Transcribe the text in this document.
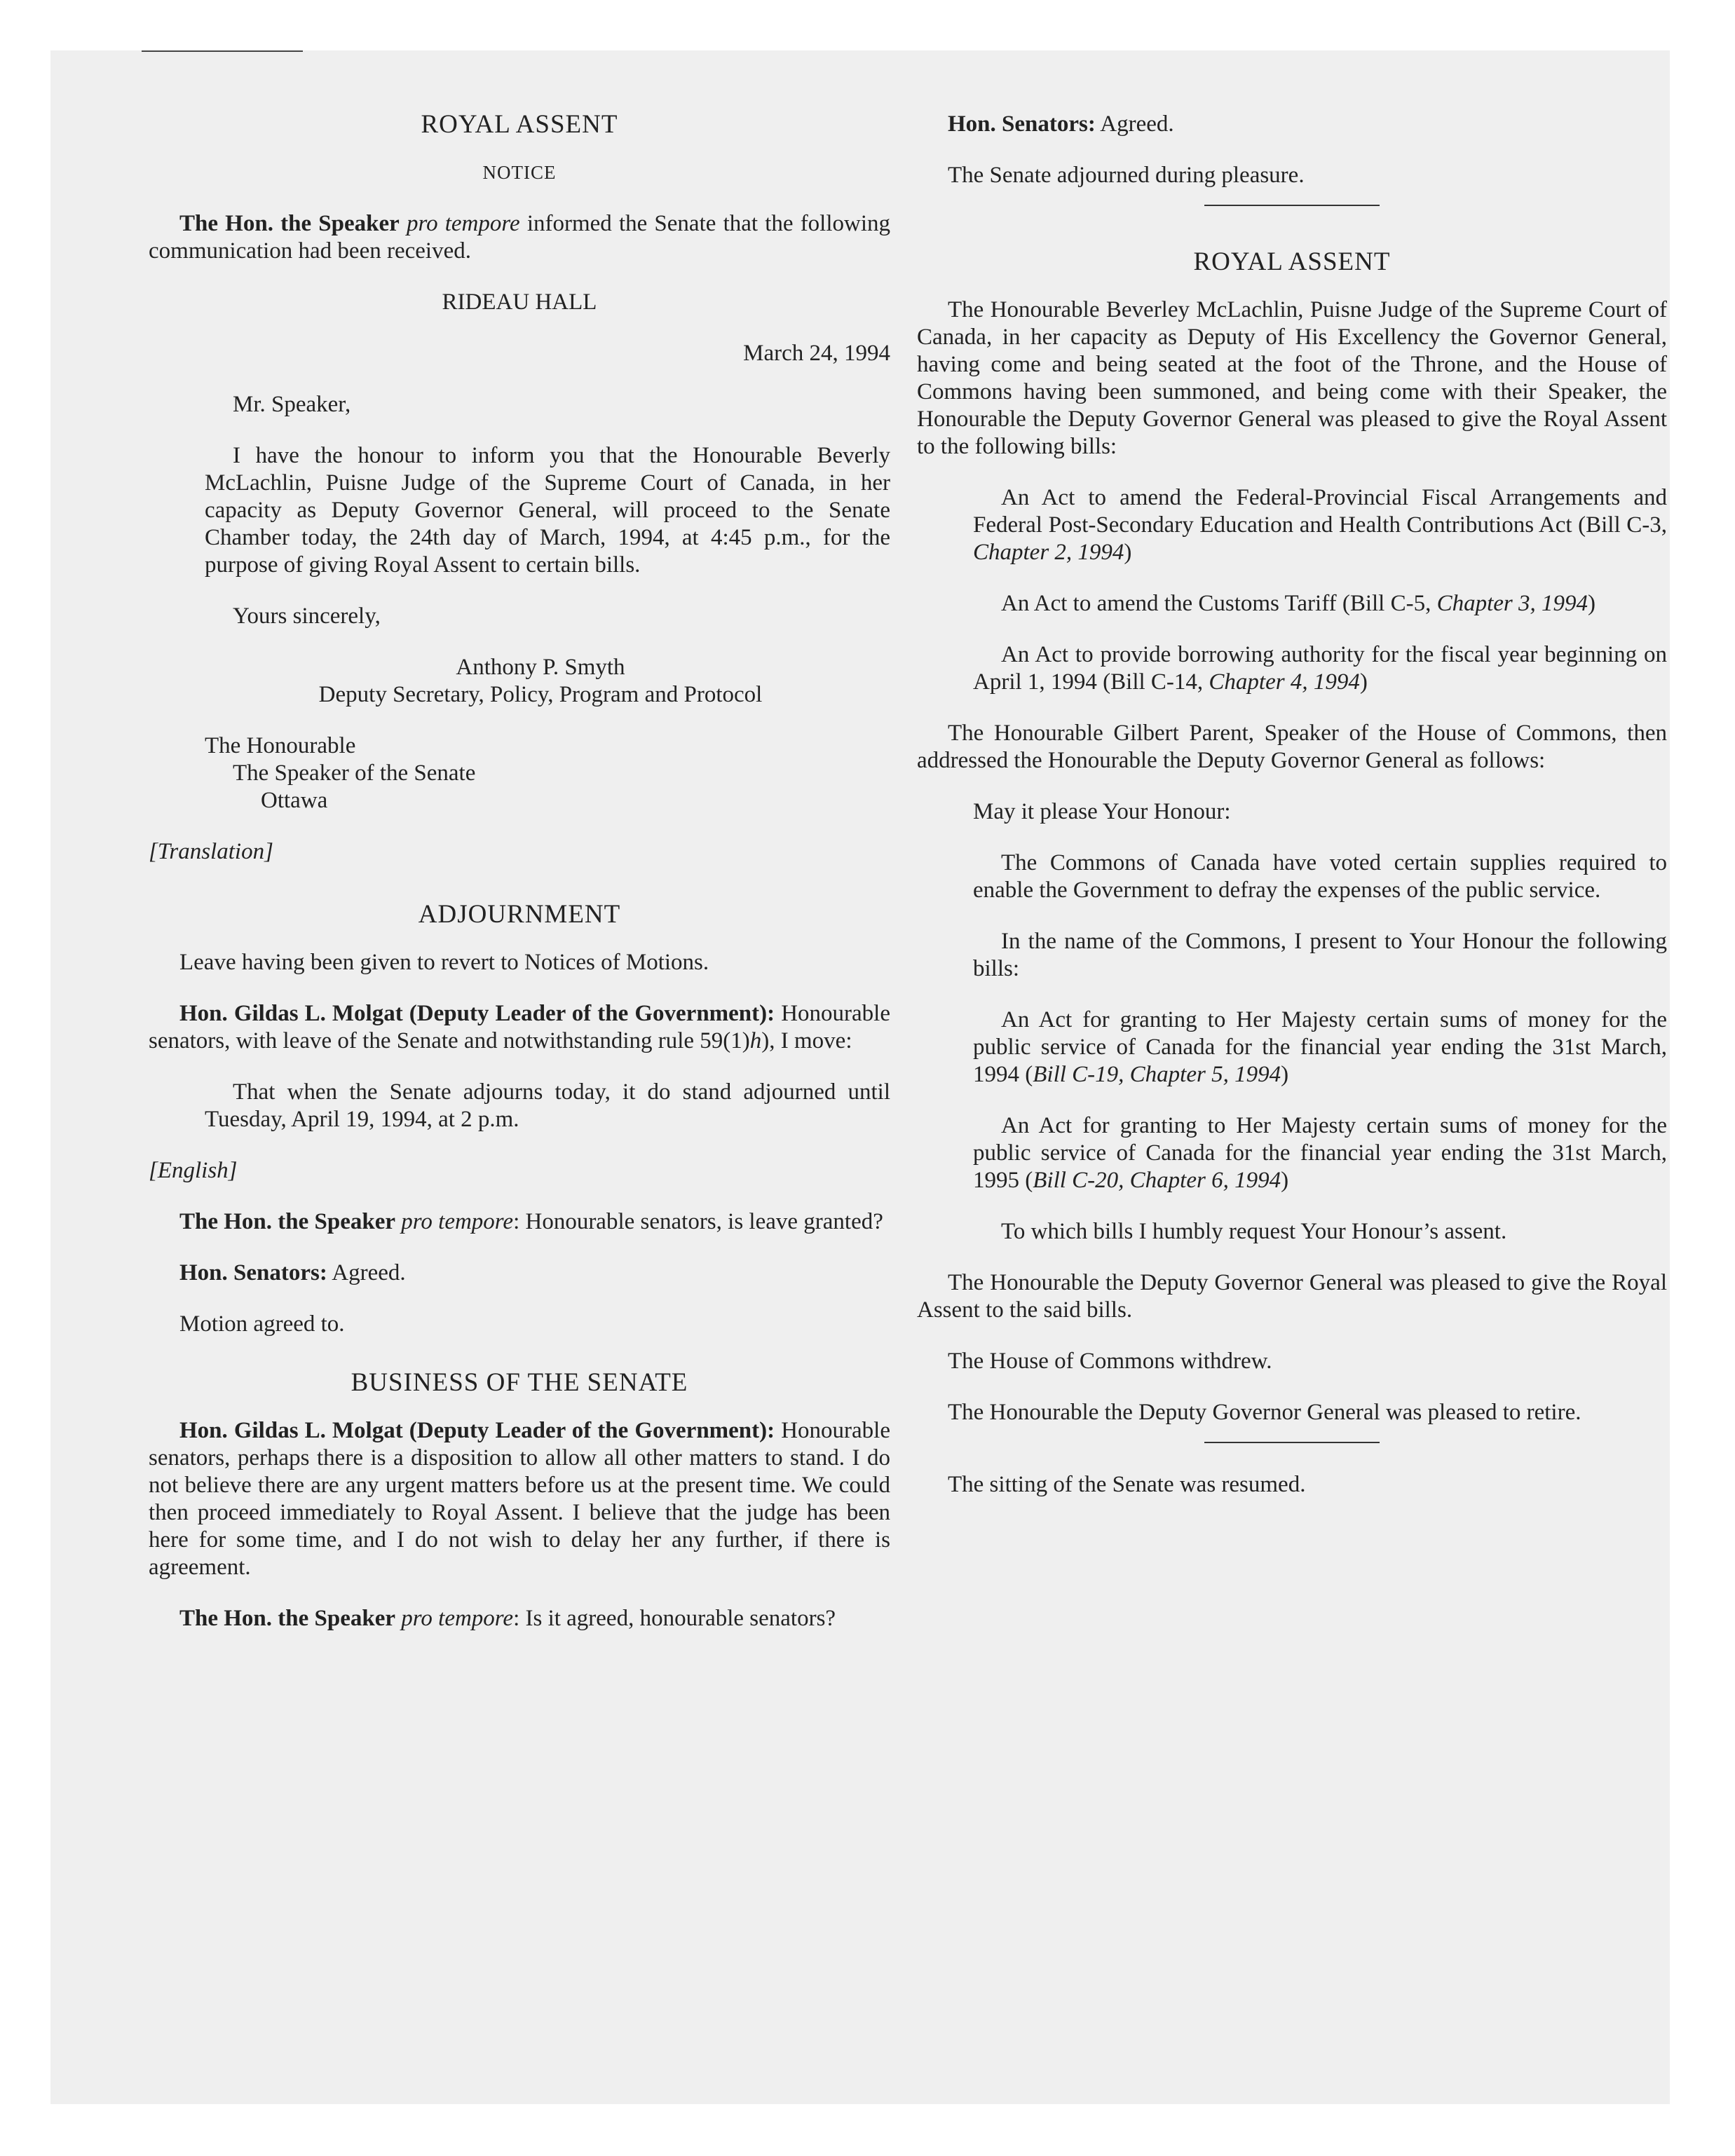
ROYAL ASSENT
NOTICE

The Hon. the Speaker pro tempore informed the Senate that the following communication had been received.

RIDEAU HALL
March 24, 1994
Mr. Speaker,

I have the honour to inform you that the Honourable Beverly McLachlin, Puisne Judge of the Supreme Court of Canada, in her capacity as Deputy Governor General, will proceed to the Senate Chamber today, the 24th day of March, 1994, at 4:45 p.m., for the purpose of giving Royal Assent to certain bills.

Yours sincerely,
Anthony P. Smyth
Deputy Secretary, Policy, Program and Protocol
The Honourable
The Speaker of the Senate
Ottawa

[Translation]

ADJOURNMENT

Leave having been given to revert to Notices of Motions.

Hon. Gildas L. Molgat (Deputy Leader of the Government): Honourable senators, with leave of the Senate and notwithstanding rule 59(1)h), I move:

That when the Senate adjourns today, it do stand adjourned until Tuesday, April 19, 1994, at 2 p.m.

[English]

The Hon. the Speaker pro tempore: Honourable senators, is leave granted?

Hon. Senators: Agreed.

Motion agreed to.

BUSINESS OF THE SENATE

Hon. Gildas L. Molgat (Deputy Leader of the Government): Honourable senators, perhaps there is a disposition to allow all other matters to stand. I do not believe there are any urgent matters before us at the present time. We could then proceed immediately to Royal Assent. I believe that the judge has been here for some time, and I do not wish to delay her any further, if there is agreement.

The Hon. the Speaker pro tempore: Is it agreed, honourable senators?

Hon. Senators: Agreed.

The Senate adjourned during pleasure.

ROYAL ASSENT

The Honourable Beverley McLachlin, Puisne Judge of the Supreme Court of Canada, in her capacity as Deputy of His Excellency the Governor General, having come and being seated at the foot of the Throne, and the House of Commons having been summoned, and being come with their Speaker, the Honourable the Deputy Governor General was pleased to give the Royal Assent to the following bills:

An Act to amend the Federal-Provincial Fiscal Arrangements and Federal Post-Secondary Education and Health Contributions Act (Bill C-3, Chapter 2, 1994)

An Act to amend the Customs Tariff (Bill C-5, Chapter 3, 1994)

An Act to provide borrowing authority for the fiscal year beginning on April 1, 1994 (Bill C-14, Chapter 4, 1994)

The Honourable Gilbert Parent, Speaker of the House of Commons, then addressed the Honourable the Deputy Governor General as follows:

May it please Your Honour:

The Commons of Canada have voted certain supplies required to enable the Government to defray the expenses of the public service.

In the name of the Commons, I present to Your Honour the following bills:

An Act for granting to Her Majesty certain sums of money for the public service of Canada for the financial year ending the 31st March, 1994 (Bill C-19, Chapter 5, 1994)

An Act for granting to Her Majesty certain sums of money for the public service of Canada for the financial year ending the 31st March, 1995 (Bill C-20, Chapter 6, 1994)

To which bills I humbly request Your Honour’s assent.

The Honourable the Deputy Governor General was pleased to give the Royal Assent to the said bills.

The House of Commons withdrew.

The Honourable the Deputy Governor General was pleased to retire.

The sitting of the Senate was resumed.
